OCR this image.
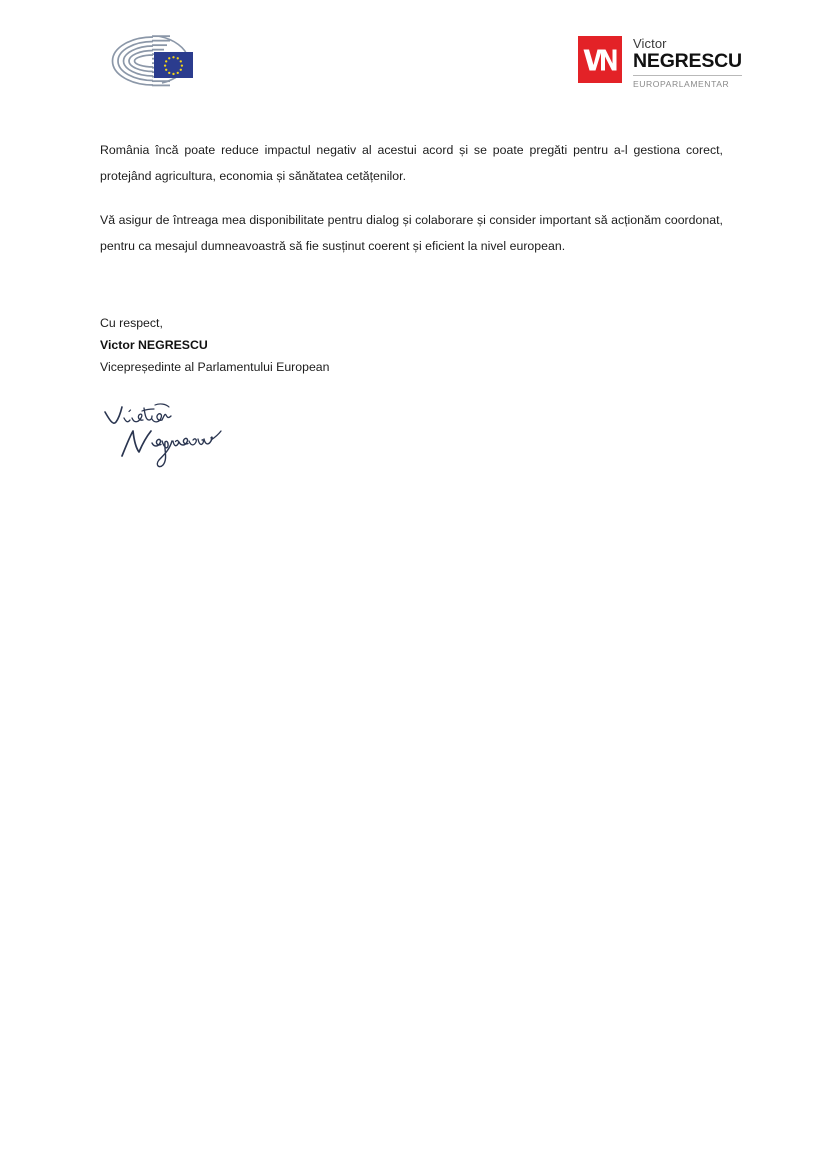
Victor
NEGRESCU
EUROPARLAMENTAR

România încă poate reduce impactul negativ al acestui acord și se poate pregăti pentru a-l gestiona corect, protejând agricultura, economia și sănătatea cetățenilor.

Vă asigur de întreaga mea disponibilitate pentru dialog și colaborare și consider important să acționăm coordonat, pentru ca mesajul dumneavoastră să fie susținut coerent și eficient la nivel european.

Cu respect,

Victor NEGRESCU

Vicepreședinte al Parlamentului European
